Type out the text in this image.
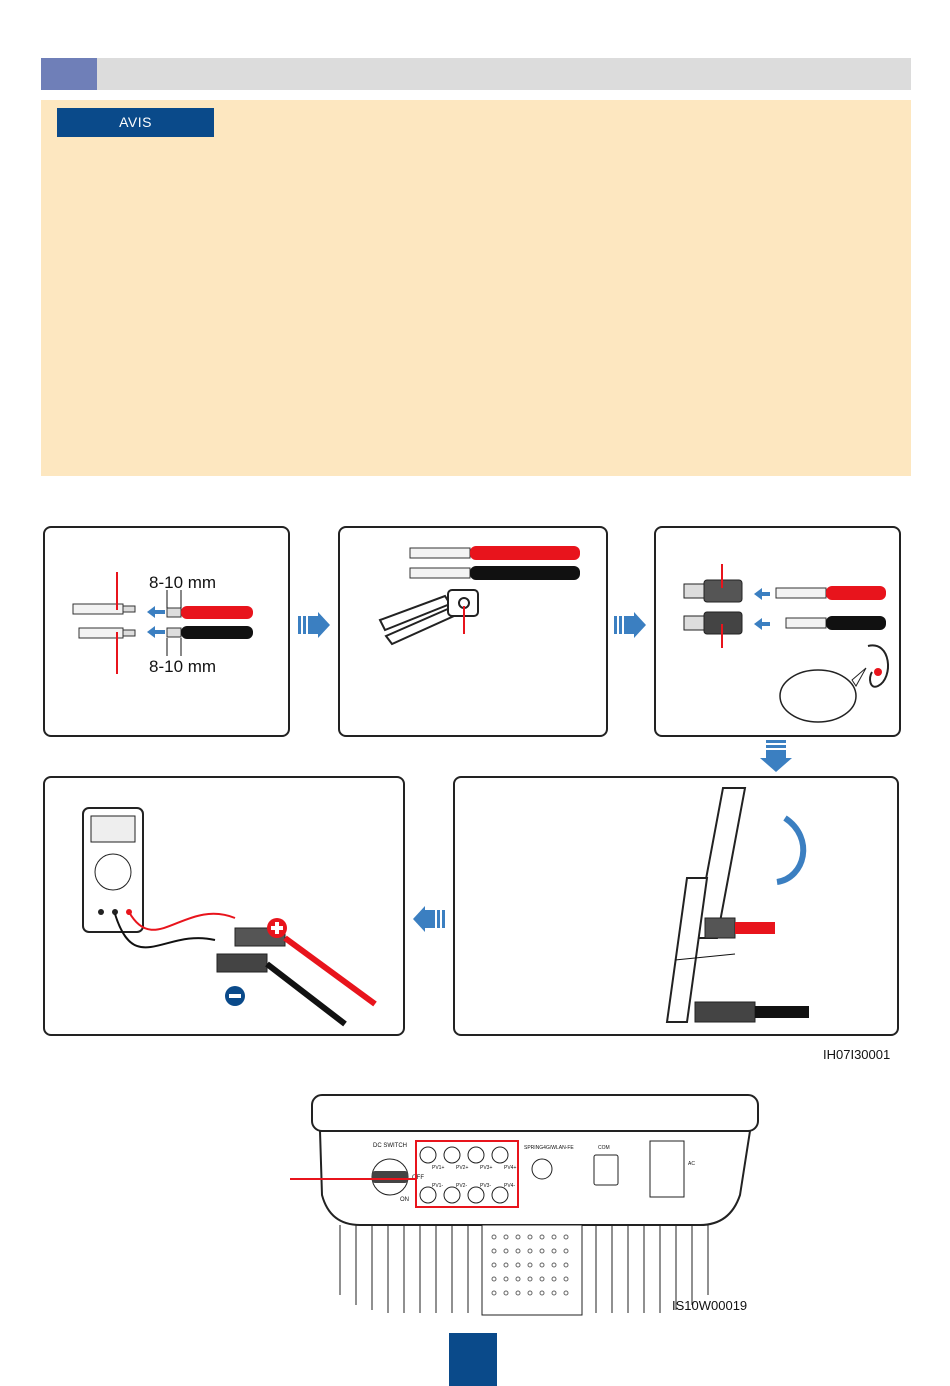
AVIS
8-10 mm
8-10 mm
IH07I30001
DC SWITCH
OFF
ON
PV1+ PV2+ PV3+ PV4+
PV1-	PV2-	PV3-	PV4-
SPRING4G/WLAN-FE	COM
AC
IS10W00019
